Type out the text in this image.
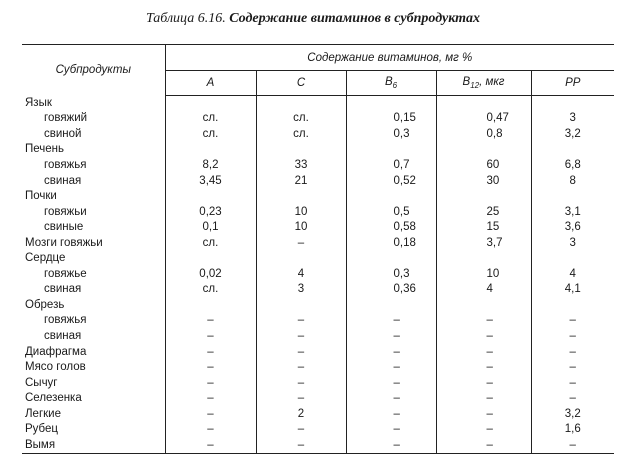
Таблица 6.16. Содержание витаминов в субпродуктах
Субпродукты	Содержание витаминов, мг %				
	A	C	$B_6$	$B_{12}$, мкг	PP
Язык					
говяжий	сл.	сл.	0,15	0,47	3
свиной	сл.	сл.	0,3	0,8	3,2
Печень					
говяжья	8,2	33	0,7	60	6,8
свиная	3,45	21	0,52	30	8
Почки					
говяжьи	0,23	10	0,5	25	3,1
свиные	0,1	10	0,58	15	3,6
Мозги говяжьи	сл.	–	0,18	3,7	3
Сердце					
говяжье	0,02	4	0,3	10	4
свиная	сл.	3	0,36	4	4,1
Обрезь					
говяжья	–	–	–	–	–
свиная	–	–	–	–	–
Диафрагма	–	–	–	–	–
Мясо голов	–	–	–	–	–
Сычуг	–	–	–	–	–
Селезенка	–	–	–	–	–
Легкие	–	2	–	–	3,2
Рубец	–	–	–	–	1,6
Вымя	–	–	–	–	–
